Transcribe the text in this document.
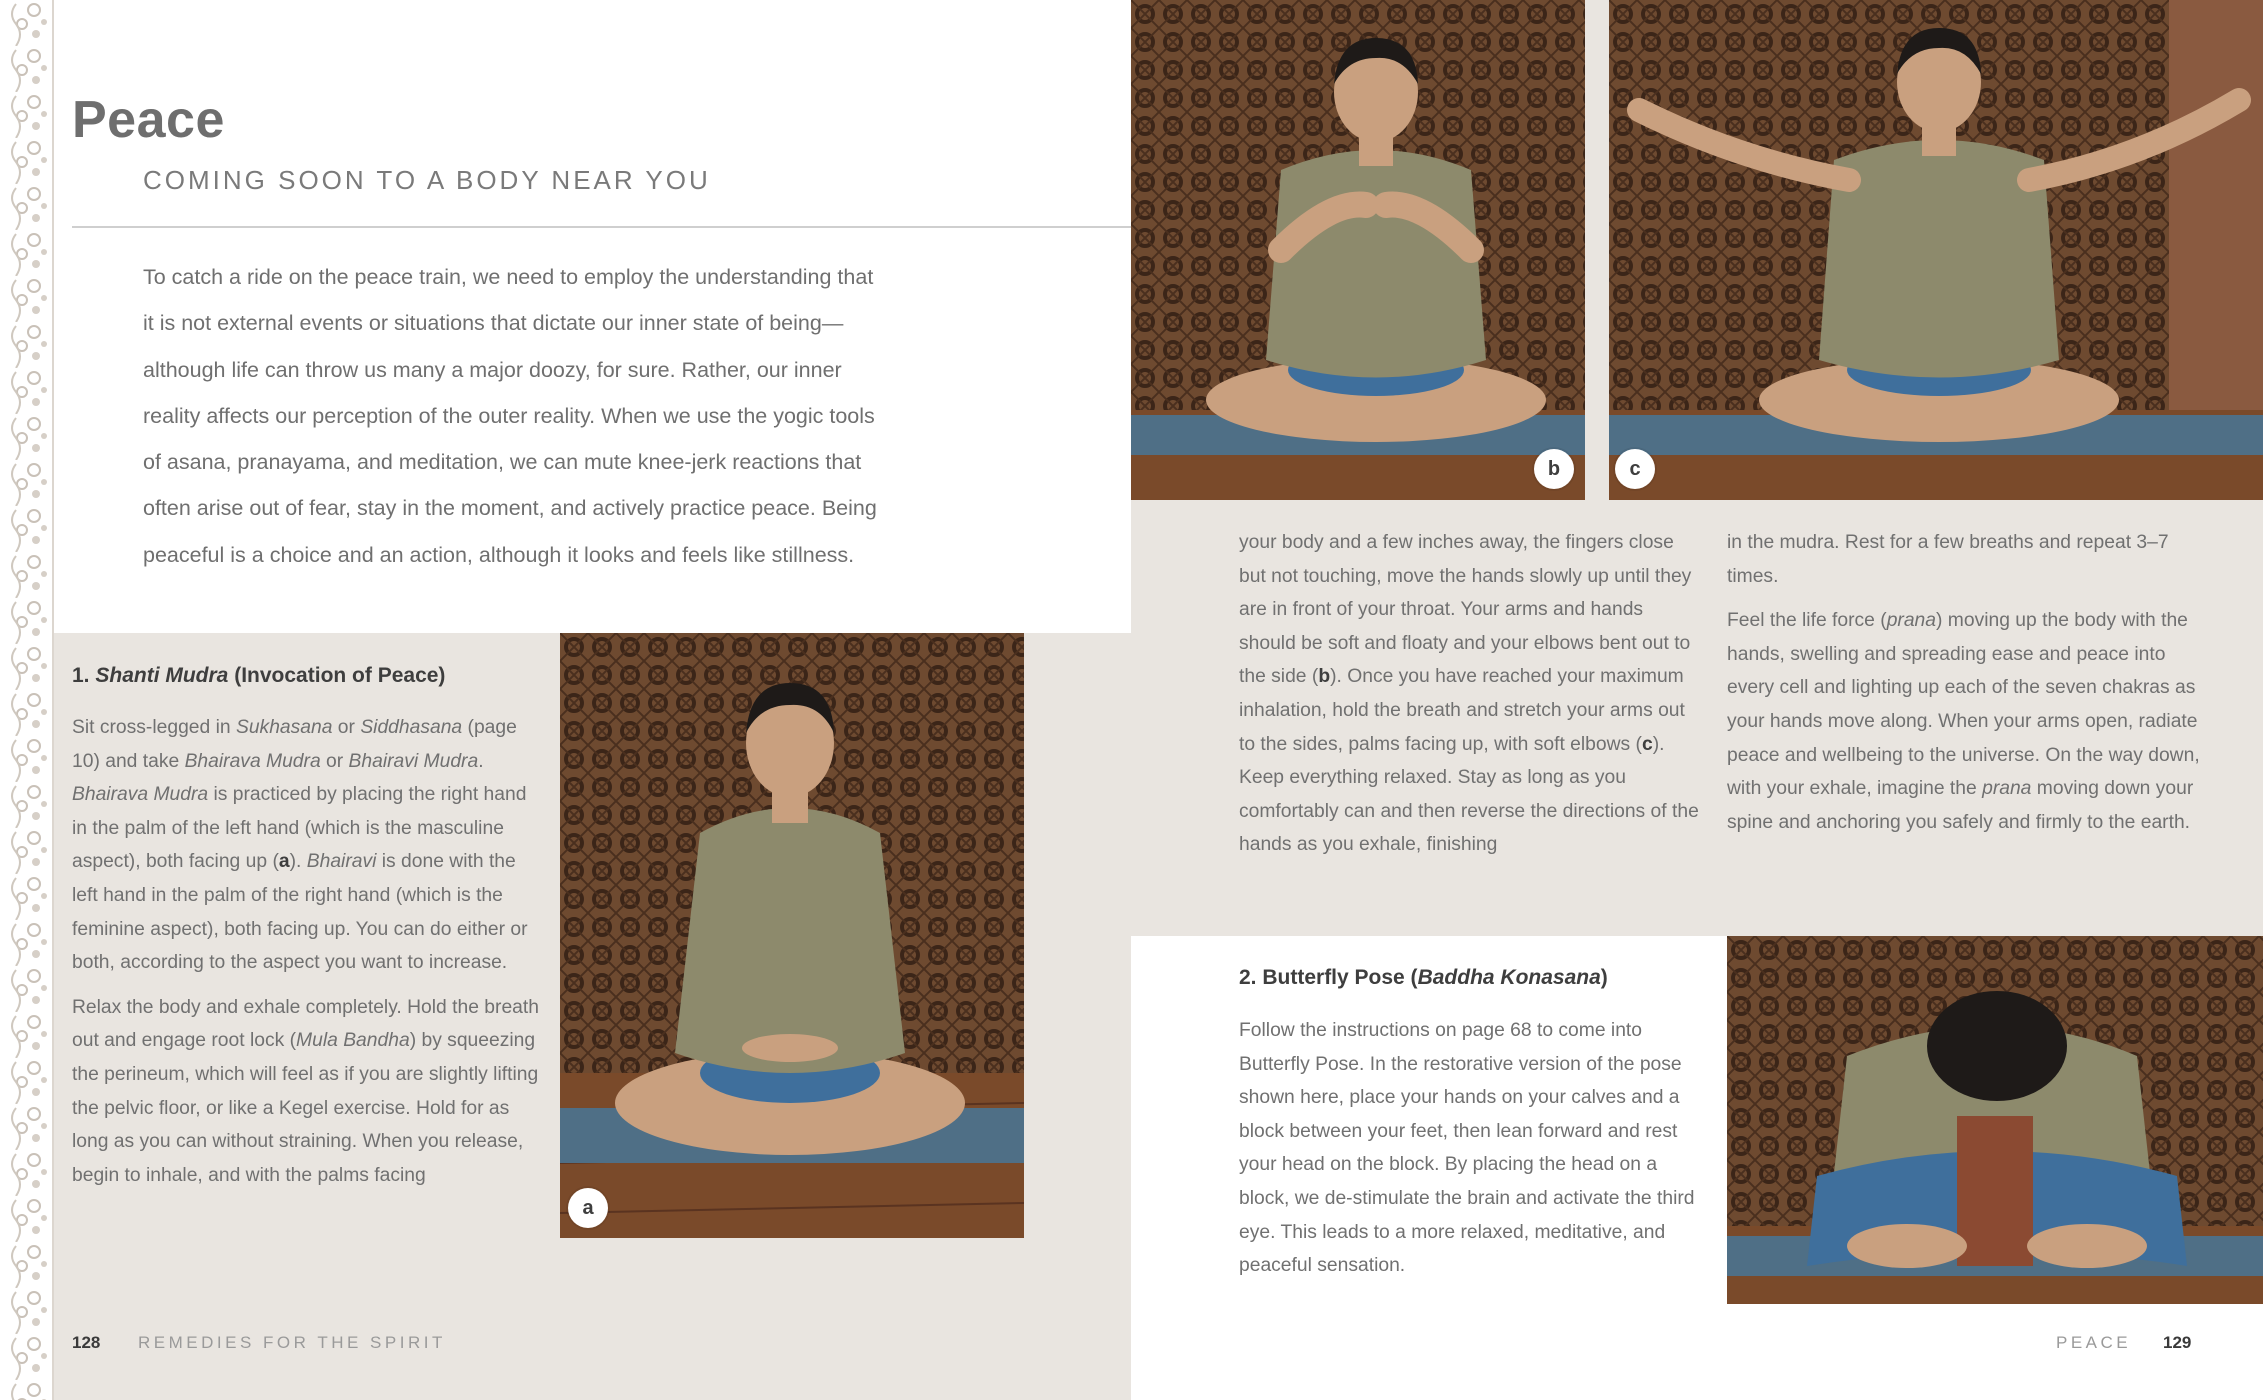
Peace
COMING SOON TO A BODY NEAR YOU
To catch a ride on the peace train, we need to employ the understanding that
it is not external events or situations that dictate our inner state of being—
although life can throw us many a major doozy, for sure. Rather, our inner
reality affects our perception of the outer reality. When we use the yogic tools
of asana, pranayama, and meditation, we can mute knee-jerk reactions that
often arise out of fear, stay in the moment, and actively practice peace. Being
peaceful is a choice and an action, although it looks and feels like stillness.
1. Shanti Mudra (Invocation of Peace)

Sit cross-legged in Sukhasana or Siddhasana (page 10) and take Bhairava Mudra or Bhairavi Mudra. Bhairava Mudra is practiced by placing the right hand in the palm of the left hand (which is the masculine aspect), both facing up (a). Bhairavi is done with the left hand in the palm of the right hand (which is the feminine aspect), both facing up. You can do either or both, according to the aspect you want to increase.

Relax the body and exhale completely. Hold the breath out and engage root lock (Mula Bandha) by squeezing the perineum, which will feel as if you are slightly lifting the pelvic floor, or like a Kegel exercise. Hold for as long as you can without straining. When you release, begin to inhale, and with the palms facing

a
128 REMEDIES FOR THE SPIRIT
b	c

your body and a few inches away, the fingers close but not touching, move the hands slowly up until they are in front of your throat. Your arms and hands should be soft and floaty and your elbows bent out to the side (b). Once you have reached your maximum inhalation, hold the breath and stretch your arms out to the sides, palms facing up, with soft elbows (c). Keep everything relaxed. Stay as long as you comfortably can and then reverse the directions of the hands as you exhale, finishing

in the mudra. Rest for a few breaths and repeat 3–7 times.

Feel the life force (prana) moving up the body with the hands, swelling and spreading ease and peace into every cell and lighting up each of the seven chakras as your hands move along. When your arms open, radiate peace and wellbeing to the universe. On the way down, with your exhale, imagine the prana moving down your spine and anchoring you safely and firmly to the earth.

2. Butterfly Pose (Baddha Konasana)

Follow the instructions on page 68 to come into Butterfly Pose. In the restorative version of the pose shown here, place your hands on your calves and a block between your feet, then lean forward and rest your head on the block. By placing the head on a block, we de-stimulate the brain and activate the third eye. This leads to a more relaxed, meditative, and peaceful sensation.

PEACE 129
